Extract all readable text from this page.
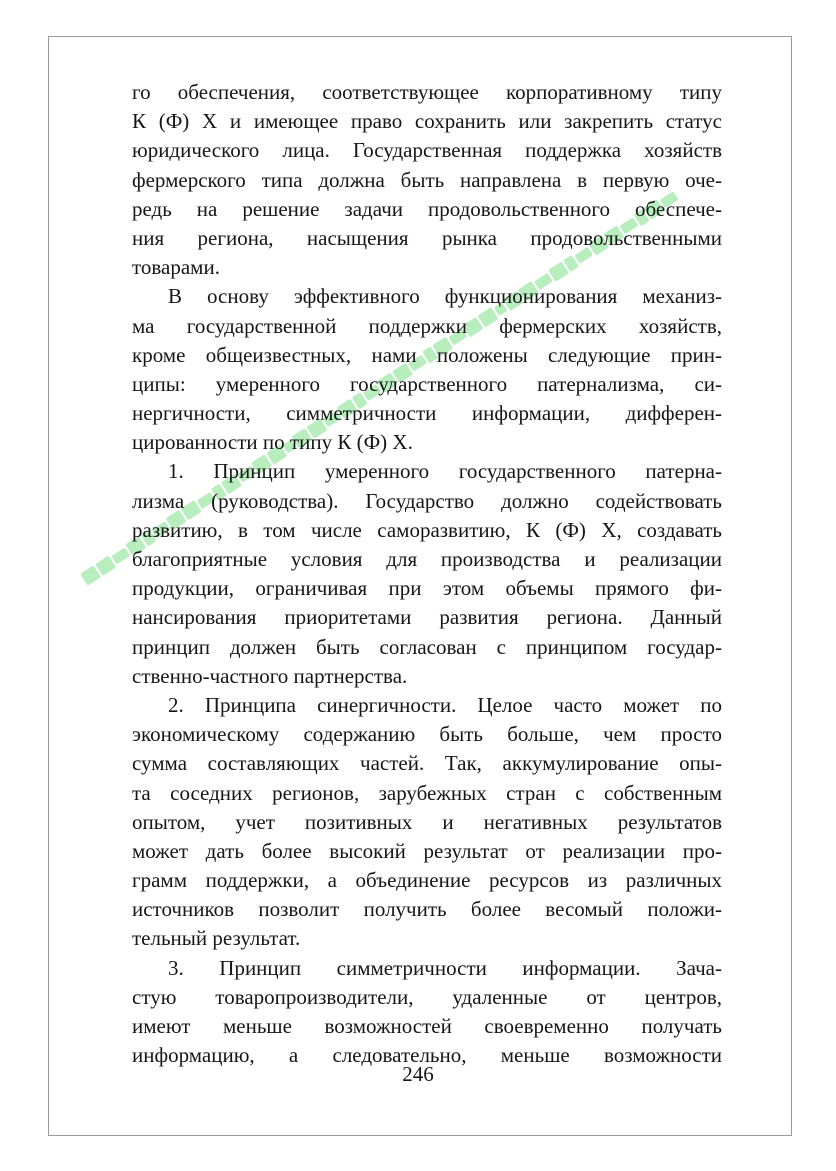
го обеспечения, соответствующее корпоративному типу
К (Ф) Х и имеющее право сохранить или закрепить статус
юридического лица. Государственная поддержка хозяйств
фермерского типа должна быть направлена в первую оче-
редь на решение задачи продовольственного обеспече-
ния региона, насыщения рынка продовольственными
товарами.
В основу эффективного функционирования механиз-
ма государственной поддержки фермерских хозяйств,
кроме общеизвестных, нами положены следующие прин-
ципы: умеренного государственного патернализма, си-
нергичности, симметричности информации, дифферен-
цированности по типу К (Ф) Х.
1. Принцип умеренного государственного патерна-
лизма (руководства). Государство должно содействовать
развитию, в том числе саморазвитию, К (Ф) Х, создавать
благоприятные условия для производства и реализации
продукции, ограничивая при этом объемы прямого фи-
нансирования приоритетами развития региона. Данный
принцип должен быть согласован с принципом государ-
ственно-частного партнерства.
2. Принципа синергичности. Целое часто может по
экономическому содержанию быть больше, чем просто
сумма составляющих частей. Так, аккумулирование опы-
та соседних регионов, зарубежных стран с собственным
опытом, учет позитивных и негативных результатов
может дать более высокий результат от реализации про-
грамм поддержки, а объединение ресурсов из различных
источников позволит получить более весомый положи-
тельный результат.
3. Принцип симметричности информации. Зача-
стую товаропроизводители, удаленные от центров,
имеют меньше возможностей своевременно получать
информацию, а следовательно, меньше возможности
246
